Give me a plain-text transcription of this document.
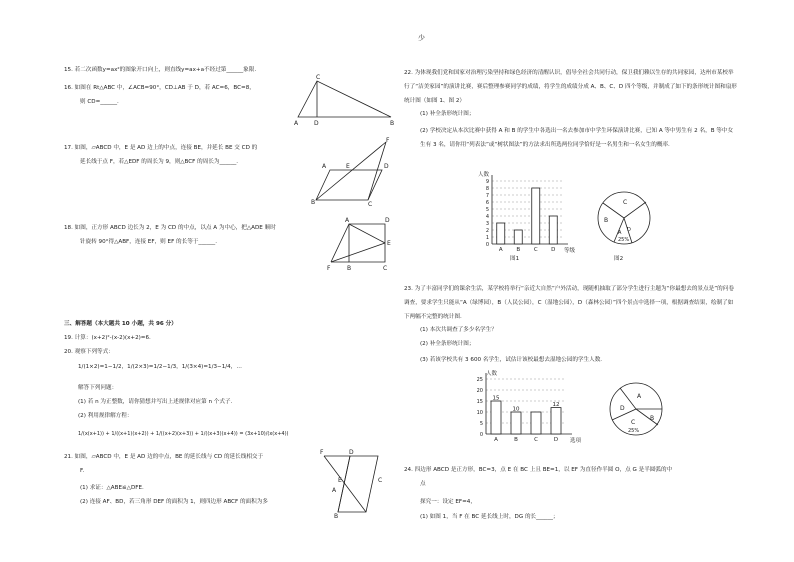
少
15. 若二次函数y=ax²的图象开口向上，则直线y=ax+a不经过第______象限.
16. 如图在 Rt△ABC 中，∠ACB=90°，CD⊥AB 于 D，若 AC=6，BC=8，
则 CD=______.
A
C
D	B
17. 如图，▱ABCD 中，E 是 AD 边上的中点，连接 BE，并延长 BE 交 CD 的
延长线于点 F，若△EDF 的周长为 9，则△BCF 的周长为______.
B
A	E	D
C
F
18. 如图，正方形 ABCD 边长为 2，E 为 CD 的中点，以点 A 为中心，把△ADE 顺时
针旋转 90°得△ABF，连接 EF，则 EF 的长等于______.
A	D
E
F	B	C
三、解答题（本大题共 10 小题，共 96 分）
19. 计算：(x+2)²-(x-2)(x+2)=6.
20. 观察下列等式：
1/(1×2)=1−1/2，1/(2×3)=1/2−1/3，1/(3×4)=1/3−1/4，…
解答下列问题：
(1) 若 n 为正整数，请你猜想并写出上述规律对应第 n 个式子.
(2) 利用规律解方程：
1/(x(x+1)) + 1/((x+1)(x+2)) + 1/((x+2)(x+3)) + 1/((x+3)(x+4)) = (3x+10)/(x(x+4))
21. 如图，▱ABCD 中，E 是 AD 边的中点，BE 的延长线与 CD 的延长线相交于
F.
(1) 求证：△ABE≌△DFE.
(2) 连接 AF、BD，若三角形 DEF 的面积为 1，则四边形 ABCF 的面积为多
F	D
E
A
C
B
22. 为体现我们党和国家对治理污染坚持和绿色经济的清醒认识，倡导全社会共同行动，保卫我们赖以生存的共同家园，达州市某校举行了“洁美家园”的演讲比赛，赛后整理参赛同学的成绩，将学生的成绩分成 A、B、C、D 四个等级，并制成了如下的条形统计图和扇形统计图（如图 1、图 2）
(1) 补全条形统计图；
(2) 学校决定从本次比赛中获得 A 和 B 的学生中各选出一名去参加市中学生环保演讲比赛，已知 A 等中男生有 2 名，B 等中女生有 3 名，请你用“列表法”或“树状图法”的方法求出所选两位同学恰好是一名男生和一名女生的概率.
0
1
2
3
4
5
6
7
8
9
A B C D
人数
等级
图1
C
B
D
A
25%
图2
23. 为了丰富同学们的课余生活，某学校将举行“亲近大自然”户外活动，现随机抽取了部分学生进行主题为“你最想去的景点是”的问卷调查，要求学生只能从“A（绿博园），B（人民公园），C（湿地公园），D（森林公园）”四个景点中选择一项，根据调查结果，绘制了如下两幅不完整的统计图.
(1) 本次共调查了多少名学生？
(2) 补全条形统计图；
(3) 若该学校共有 3 600 名学生，试估计该校最想去湿地公园的学生人数.
0
5
10
15
20
25
A
15
B
10
C	D
12
人数
选项
A
D
B
C
25%
24. 四边形 ABCD 是正方形，BC=3，点 E 在 BC 上且 BE=1，以 EF 为直径作半圆 O，点 G 是半圆弧的中
点
探究一：设定 EF=4，
(1) 如图 1，当 F 在 BC 延长线上时，DG 的长______；
